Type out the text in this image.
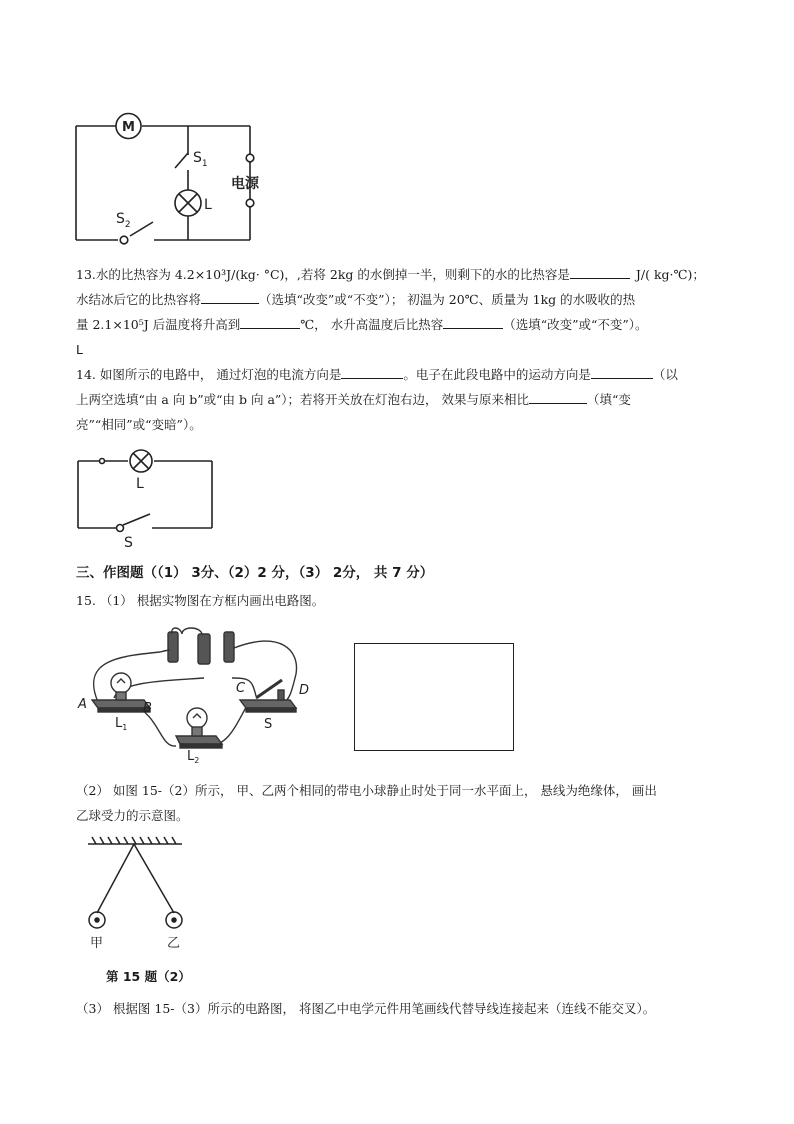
M
$S_1$
L
电源
$S_2$
13.水的比热容为 4.2×10³J/(kg· °C)，,若将 2kg 的水倒掉一半，则剩下的水的比热容是	J/( kg·℃)；
水结冰后它的比热容将	（选填“改变”或“不变”）； 初温为 20℃、质量为 1kg 的水吸收的热
量 2.1×10⁵J 后温度将升高到	℃， 水升高温度后比热容	（选填“改变”或“不变”）。
L
14. 如图所示的电路中， 通过灯泡的电流方向是	。电子在此段电路中的运动方向是	（以
上两空选填“由 a 向 b”或“由 b 向 a”）；若将开关放在灯泡右边， 效果与原来相比	（填“变
亮”“相同”或“变暗”）。
L
S
三、作图题（（1） 3分、（2）2 分，（3） 2分， 共 7 分）
15. （1） 根据实物图在方框内画出电路图。
A	B
C	D
$L_1$
$L_2$
S
（2） 如图 15-（2）所示， 甲、乙两个相同的带电小球静止时处于同一水平面上， 悬线为绝缘体， 画出
乙球受力的示意图。
甲	乙
第 15 题（2）
（3） 根据图 15-（3）所示的电路图， 将图乙中电学元件用笔画线代替导线连接起来（连线不能交叉）。
